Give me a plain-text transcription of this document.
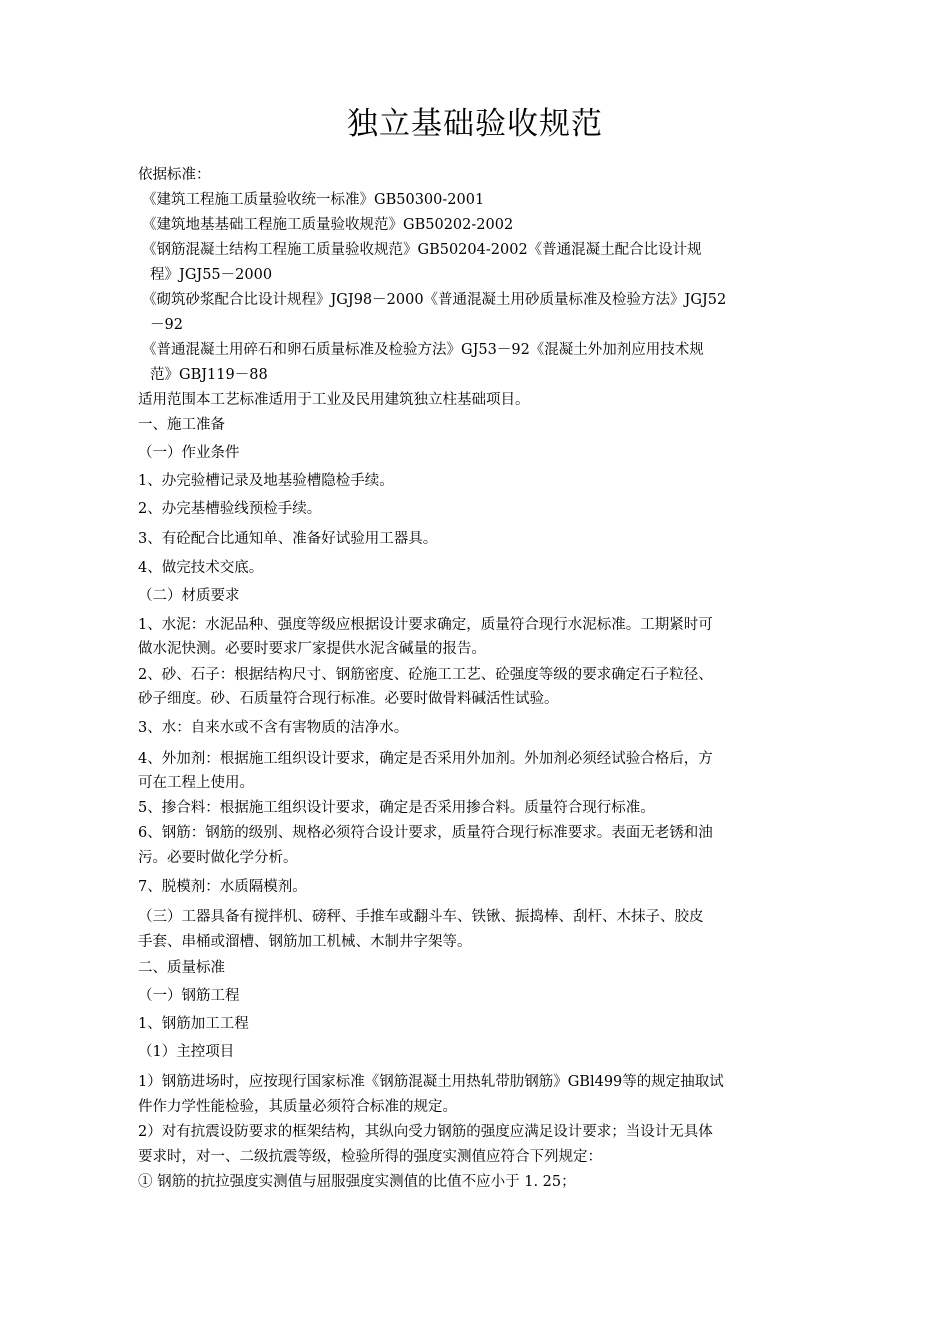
独立基础验收规范
依据标准：
《建筑工程施工质量验收统一标准》GB50300-2001
《建筑地基基础工程施工质量验收规范》GB50202-2002
《钢筋混凝土结构工程施工质量验收规范》GB50204-2002《普通混凝土配合比设计规
程》JGJ55－2000
《砌筑砂浆配合比设计规程》JGJ98－2000《普通混凝土用砂质量标准及检验方法》JGJ52
－92
《普通混凝土用碎石和卵石质量标准及检验方法》GJ53－92《混凝土外加剂应用技术规
范》GBJ119－88
适用范围本工艺标准适用于工业及民用建筑独立柱基础项目。
一、施工准备
（一）作业条件
1、办完验槽记录及地基验槽隐检手续。
2、办完基槽验线预检手续。
3、有砼配合比通知单、准备好试验用工器具。
4、做完技术交底。
（二）材质要求
1、水泥：水泥品种、强度等级应根据设计要求确定，质量符合现行水泥标准。工期紧时可
做水泥快测。必要时要求厂家提供水泥含碱量的报告。
2、砂、石子：根据结构尺寸、钢筋密度、砼施工工艺、砼强度等级的要求确定石子粒径、
砂子细度。砂、石质量符合现行标准。必要时做骨料碱活性试验。
3、水：自来水或不含有害物质的洁净水。
4、外加剂：根据施工组织设计要求，确定是否采用外加剂。外加剂必须经试验合格后，方
可在工程上使用。
5、掺合料：根据施工组织设计要求，确定是否采用掺合料。质量符合现行标准。
6、钢筋：钢筋的级别、规格必须符合设计要求，质量符合现行标准要求。表面无老锈和油
污。必要时做化学分析。
7、脱模剂：水质隔模剂。
（三）工器具备有搅拌机、磅秤、手推车或翻斗车、铁锹、振捣棒、刮杆、木抹子、胶皮
手套、串桶或溜槽、钢筋加工机械、木制井字架等。
二、质量标准
（一）钢筋工程
1、钢筋加工工程
（1）主控项目
1）钢筋进场时，应按现行国家标准《钢筋混凝土用热轧带肋钢筋》GBl499等的规定抽取试
件作力学性能检验，其质量必须符合标准的规定。
2）对有抗震设防要求的框架结构，其纵向受力钢筋的强度应满足设计要求；当设计无具体
要求时，对一、二级抗震等级，检验所得的强度实测值应符合下列规定：
① 钢筋的抗拉强度实测值与屈服强度实测值的比值不应小于 1. 25；
